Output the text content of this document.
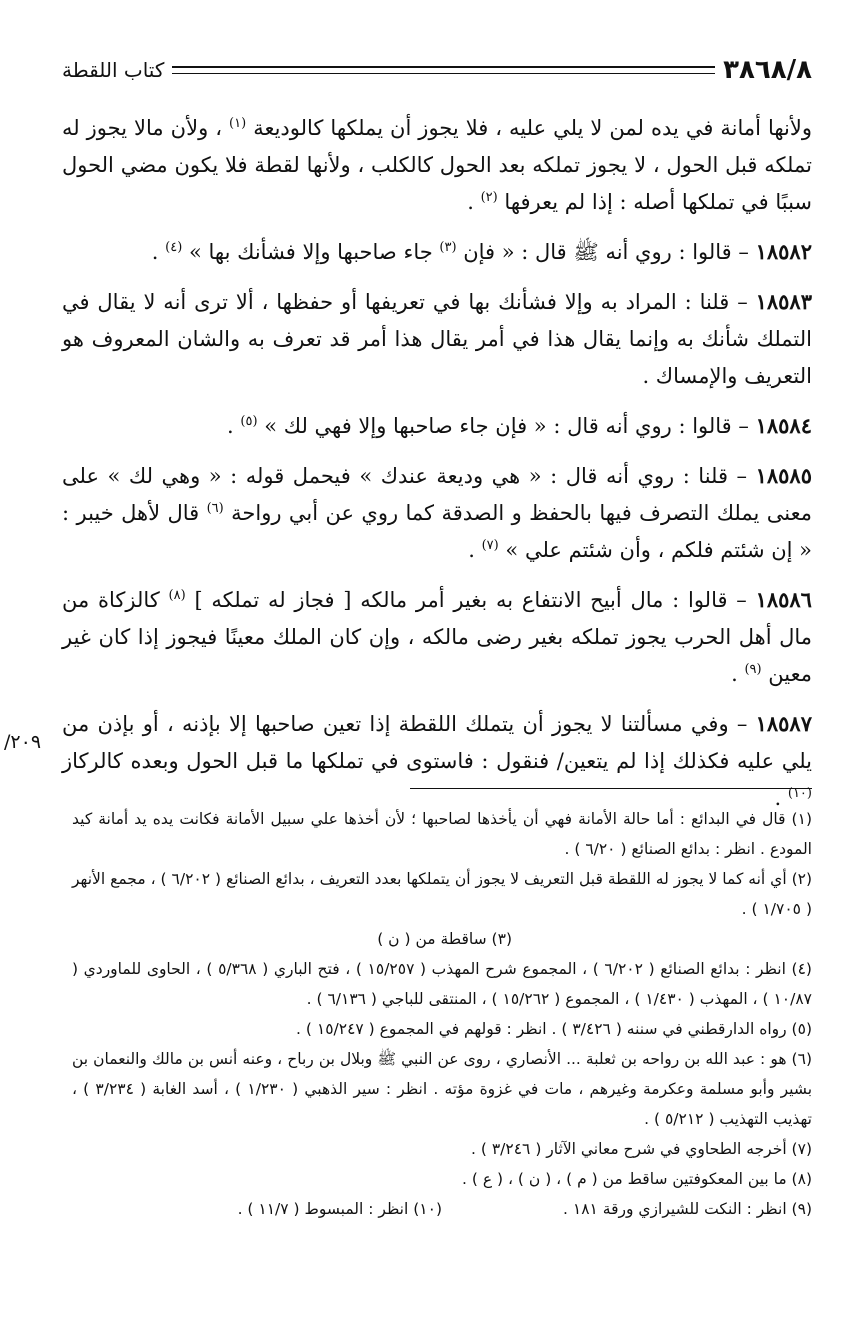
٣٨٦٨/٨
كتاب اللقطة

ولأنها أمانة في يده لمن لا يلي عليه ، فلا يجوز أن يملكها كالوديعة $^{(١)}$ ، ولأن مالا يجوز له تملكه قبل الحول ، لا يجوز تملكه بعد الحول كالكلب ، ولأنها لقطة فلا يكون مضي الحول سببًا في تملكها أصله : إذا لم يعرفها $^{(٢)}$ .

١٨٥٨٢ – قالوا : روي أنه ﷺ قال : « فإن $^{(٣)}$ جاء صاحبها وإلا فشأنك بها » $^{(٤)}$ .

١٨٥٨٣ – قلنا : المراد به وإلا فشأنك بها في تعريفها أو حفظها ، ألا ترى أنه لا يقال في التملك شأنك به وإنما يقال هذا في أمر يقال هذا أمر قد تعرف به والشان المعروف هو التعريف والإمساك .

١٨٥٨٤ – قالوا : روي أنه قال : « فإن جاء صاحبها وإلا فهي لك » $^{(٥)}$ .

١٨٥٨٥ – قلنا : روي أنه قال : « هي وديعة عندك » فيحمل قوله : « وهي لك » على معنى يملك التصرف فيها بالحفظ و الصدقة كما روي عن أبي رواحة $^{(٦)}$ قال لأهل خيبر : « إن شئتم فلكم ، وأن شئتم علي » $^{(٧)}$ .

١٨٥٨٦ – قالوا : مال أبيح الانتفاع به بغير أمر مالكه [ فجاز له تملكه ] $^{(٨)}$ كالزكاة من مال أهل الحرب يجوز تملكه بغير رضى مالكه ، وإن كان الملك معينًا فيجوز إذا كان غير معين $^{(٩)}$ .

١٨٥٨٧ – وفي مسألتنا لا يجوز أن يتملك اللقطة إذا تعين صاحبها إلا بإذنه ، أو بإذن من يلي عليه فكذلك إذا لم يتعين/ فنقول : فاستوى في تملكها ما قبل الحول وبعده كالركاز $^{(١٠)}$ .

٢٠٩/

(١) قال في البدائع : أما حالة الأمانة فهي أن يأخذها لصاحبها ؛ لأن أخذها علي سبيل الأمانة فكانت يده يد أمانة كيد المودع . انظر : بدائع الصنائع ( ٦/٢٠ ) .

(٢) أي أنه كما لا يجوز له اللقطة قبل التعريف لا يجوز أن يتملكها بعدد التعريف ، بدائع الصنائع ( ٦/٢٠٢ ) ، مجمع الأنهر ( ١/٧٠٥ ) .

(٣) ساقطة من ( ن )

(٤) انظر : بدائع الصنائع ( ٦/٢٠٢ ) ، المجموع شرح المهذب ( ١٥/٢٥٧ ) ، فتح الباري ( ٥/٣٦٨ ) ، الحاوى للماوردي ( ١٠/٨٧ ) ، المهذب ( ١/٤٣٠ ) ، المجموع ( ١٥/٢٦٢ ) ، المنتقى للباجي ( ٦/١٣٦ ) .

(٥) رواه الدارقطني في سننه ( ٣/٤٢٦ ) . انظر : قولهم في المجموع ( ١٥/٢٤٧ ) .

(٦) هو : عبد الله بن رواحه بن ثعلبة ... الأنصاري ، روى عن النبي ﷺ وبلال بن رباح ، وعنه أنس بن مالك والنعمان بن بشير وأبو مسلمة وعكرمة وغيرهم ، مات في غزوة مؤته . انظر : سير الذهبي ( ١/٢٣٠ ) ، أسد الغابة ( ٣/٢٣٤ ) ، تهذيب التهذيب ( ٥/٢١٢ ) .

(٧) أخرجه الطحاوي في شرح معاني الآثار ( ٣/٢٤٦ ) .

(٨) ما بين المعكوفتين ساقط من ( م ) ، ( ن ) ، ( ع ) .

(٩) انظر : النكت للشيرازي ورقة ١٨١ .

(١٠) انظر : المبسوط ( ١١/٧ ) .
